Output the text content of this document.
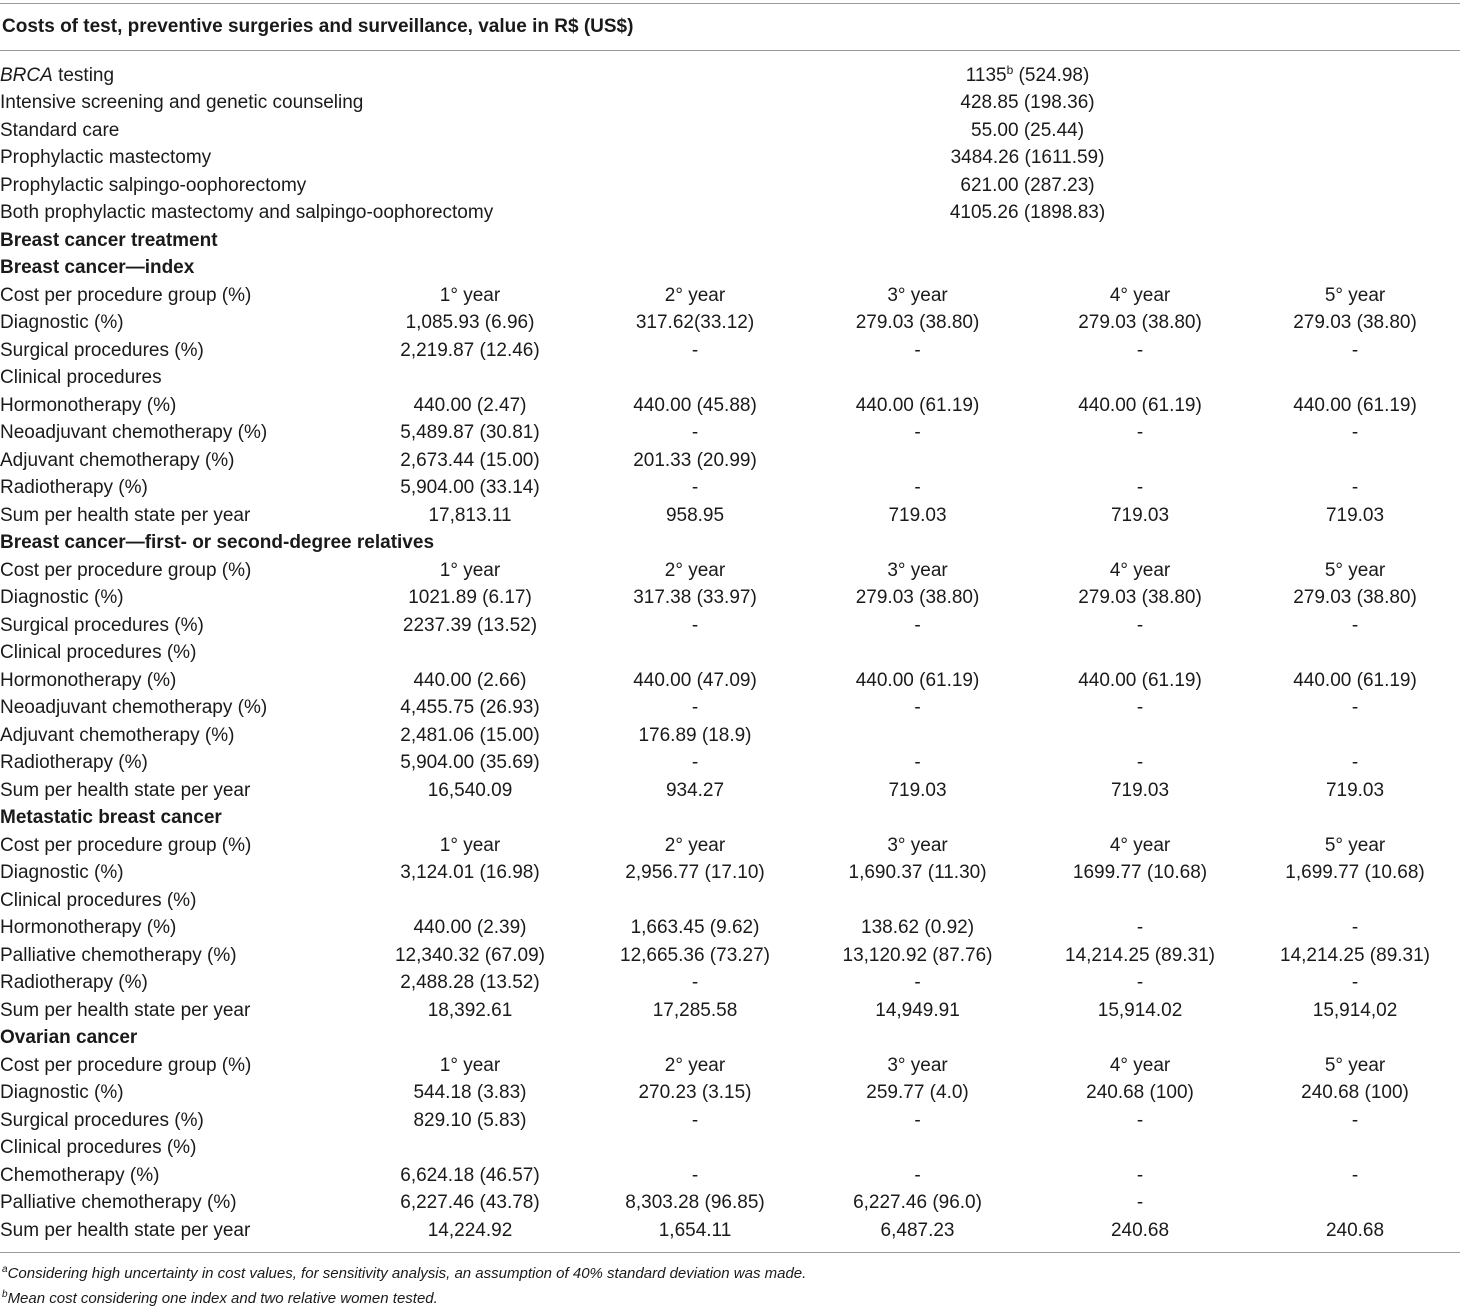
Costs of test, preventive surgeries and surveillance, value in R$ (US$)
BRCA testing			1135$^b$ (524.98)		
Intensive screening and genetic counseling			428.85 (198.36)		
Standard care			55.00 (25.44)		
Prophylactic mastectomy			3484.26 (1611.59)		
Prophylactic salpingo-oophorectomy			621.00 (287.23)		
Both prophylactic mastectomy and salpingo-oophorectomy			4105.26 (1898.83)		
Breast cancer treatment					
Breast cancer—index					
Cost per procedure group (%)	1° year	2° year	3° year	4° year	5° year
Diagnostic (%)	1,085.93 (6.96)	317.62(33.12)	279.03 (38.80)	279.03 (38.80)	279.03 (38.80)
Surgical procedures (%)	2,219.87 (12.46)	-	-	-	-
Clinical procedures					
Hormonotherapy (%)	440.00 (2.47)	440.00 (45.88)	440.00 (61.19)	440.00 (61.19)	440.00 (61.19)
Neoadjuvant chemotherapy (%)	5,489.87 (30.81)	-	-	-	-
Adjuvant chemotherapy (%)	2,673.44 (15.00)	201.33 (20.99)			
Radiotherapy (%)	5,904.00 (33.14)	-	-	-	-
Sum per health state per year	17,813.11	958.95	719.03	719.03	719.03
Breast cancer—first- or second-degree relatives					
Cost per procedure group (%)	1° year	2° year	3° year	4° year	5° year
Diagnostic (%)	1021.89 (6.17)	317.38 (33.97)	279.03 (38.80)	279.03 (38.80)	279.03 (38.80)
Surgical procedures (%)	2237.39 (13.52)	-	-	-	-
Clinical procedures (%)					
Hormonotherapy (%)	440.00 (2.66)	440.00 (47.09)	440.00 (61.19)	440.00 (61.19)	440.00 (61.19)
Neoadjuvant chemotherapy (%)	4,455.75 (26.93)	-	-	-	-
Adjuvant chemotherapy (%)	2,481.06 (15.00)	176.89 (18.9)			
Radiotherapy (%)	5,904.00 (35.69)	-	-	-	-
Sum per health state per year	16,540.09	934.27	719.03	719.03	719.03
Metastatic breast cancer					
Cost per procedure group (%)	1° year	2° year	3° year	4° year	5° year
Diagnostic (%)	3,124.01 (16.98)	2,956.77 (17.10)	1,690.37 (11.30)	1699.77 (10.68)	1,699.77 (10.68)
Clinical procedures (%)					
Hormonotherapy (%)	440.00 (2.39)	1,663.45 (9.62)	138.62 (0.92)	-	-
Palliative chemotherapy (%)	12,340.32 (67.09)	12,665.36 (73.27)	13,120.92 (87.76)	14,214.25 (89.31)	14,214.25 (89.31)
Radiotherapy (%)	2,488.28 (13.52)	-	-	-	-
Sum per health state per year	18,392.61	17,285.58	14,949.91	15,914.02	15,914,02
Ovarian cancer					
Cost per procedure group (%)	1° year	2° year	3° year	4° year	5° year
Diagnostic (%)	544.18 (3.83)	270.23 (3.15)	259.77 (4.0)	240.68 (100)	240.68 (100)
Surgical procedures (%)	829.10 (5.83)	-	-	-	-
Clinical procedures (%)					
Chemotherapy (%)	6,624.18 (46.57)	-	-	-	-
Palliative chemotherapy (%)	6,227.46 (43.78)	8,303.28 (96.85)	6,227.46 (96.0)	-	
Sum per health state per year	14,224.92	1,654.11	6,487.23	240.68	240.68
$^a$Considering high uncertainty in cost values, for sensitivity analysis, an assumption of 40% standard deviation was made.
$^b$Mean cost considering one index and two relative women tested.
